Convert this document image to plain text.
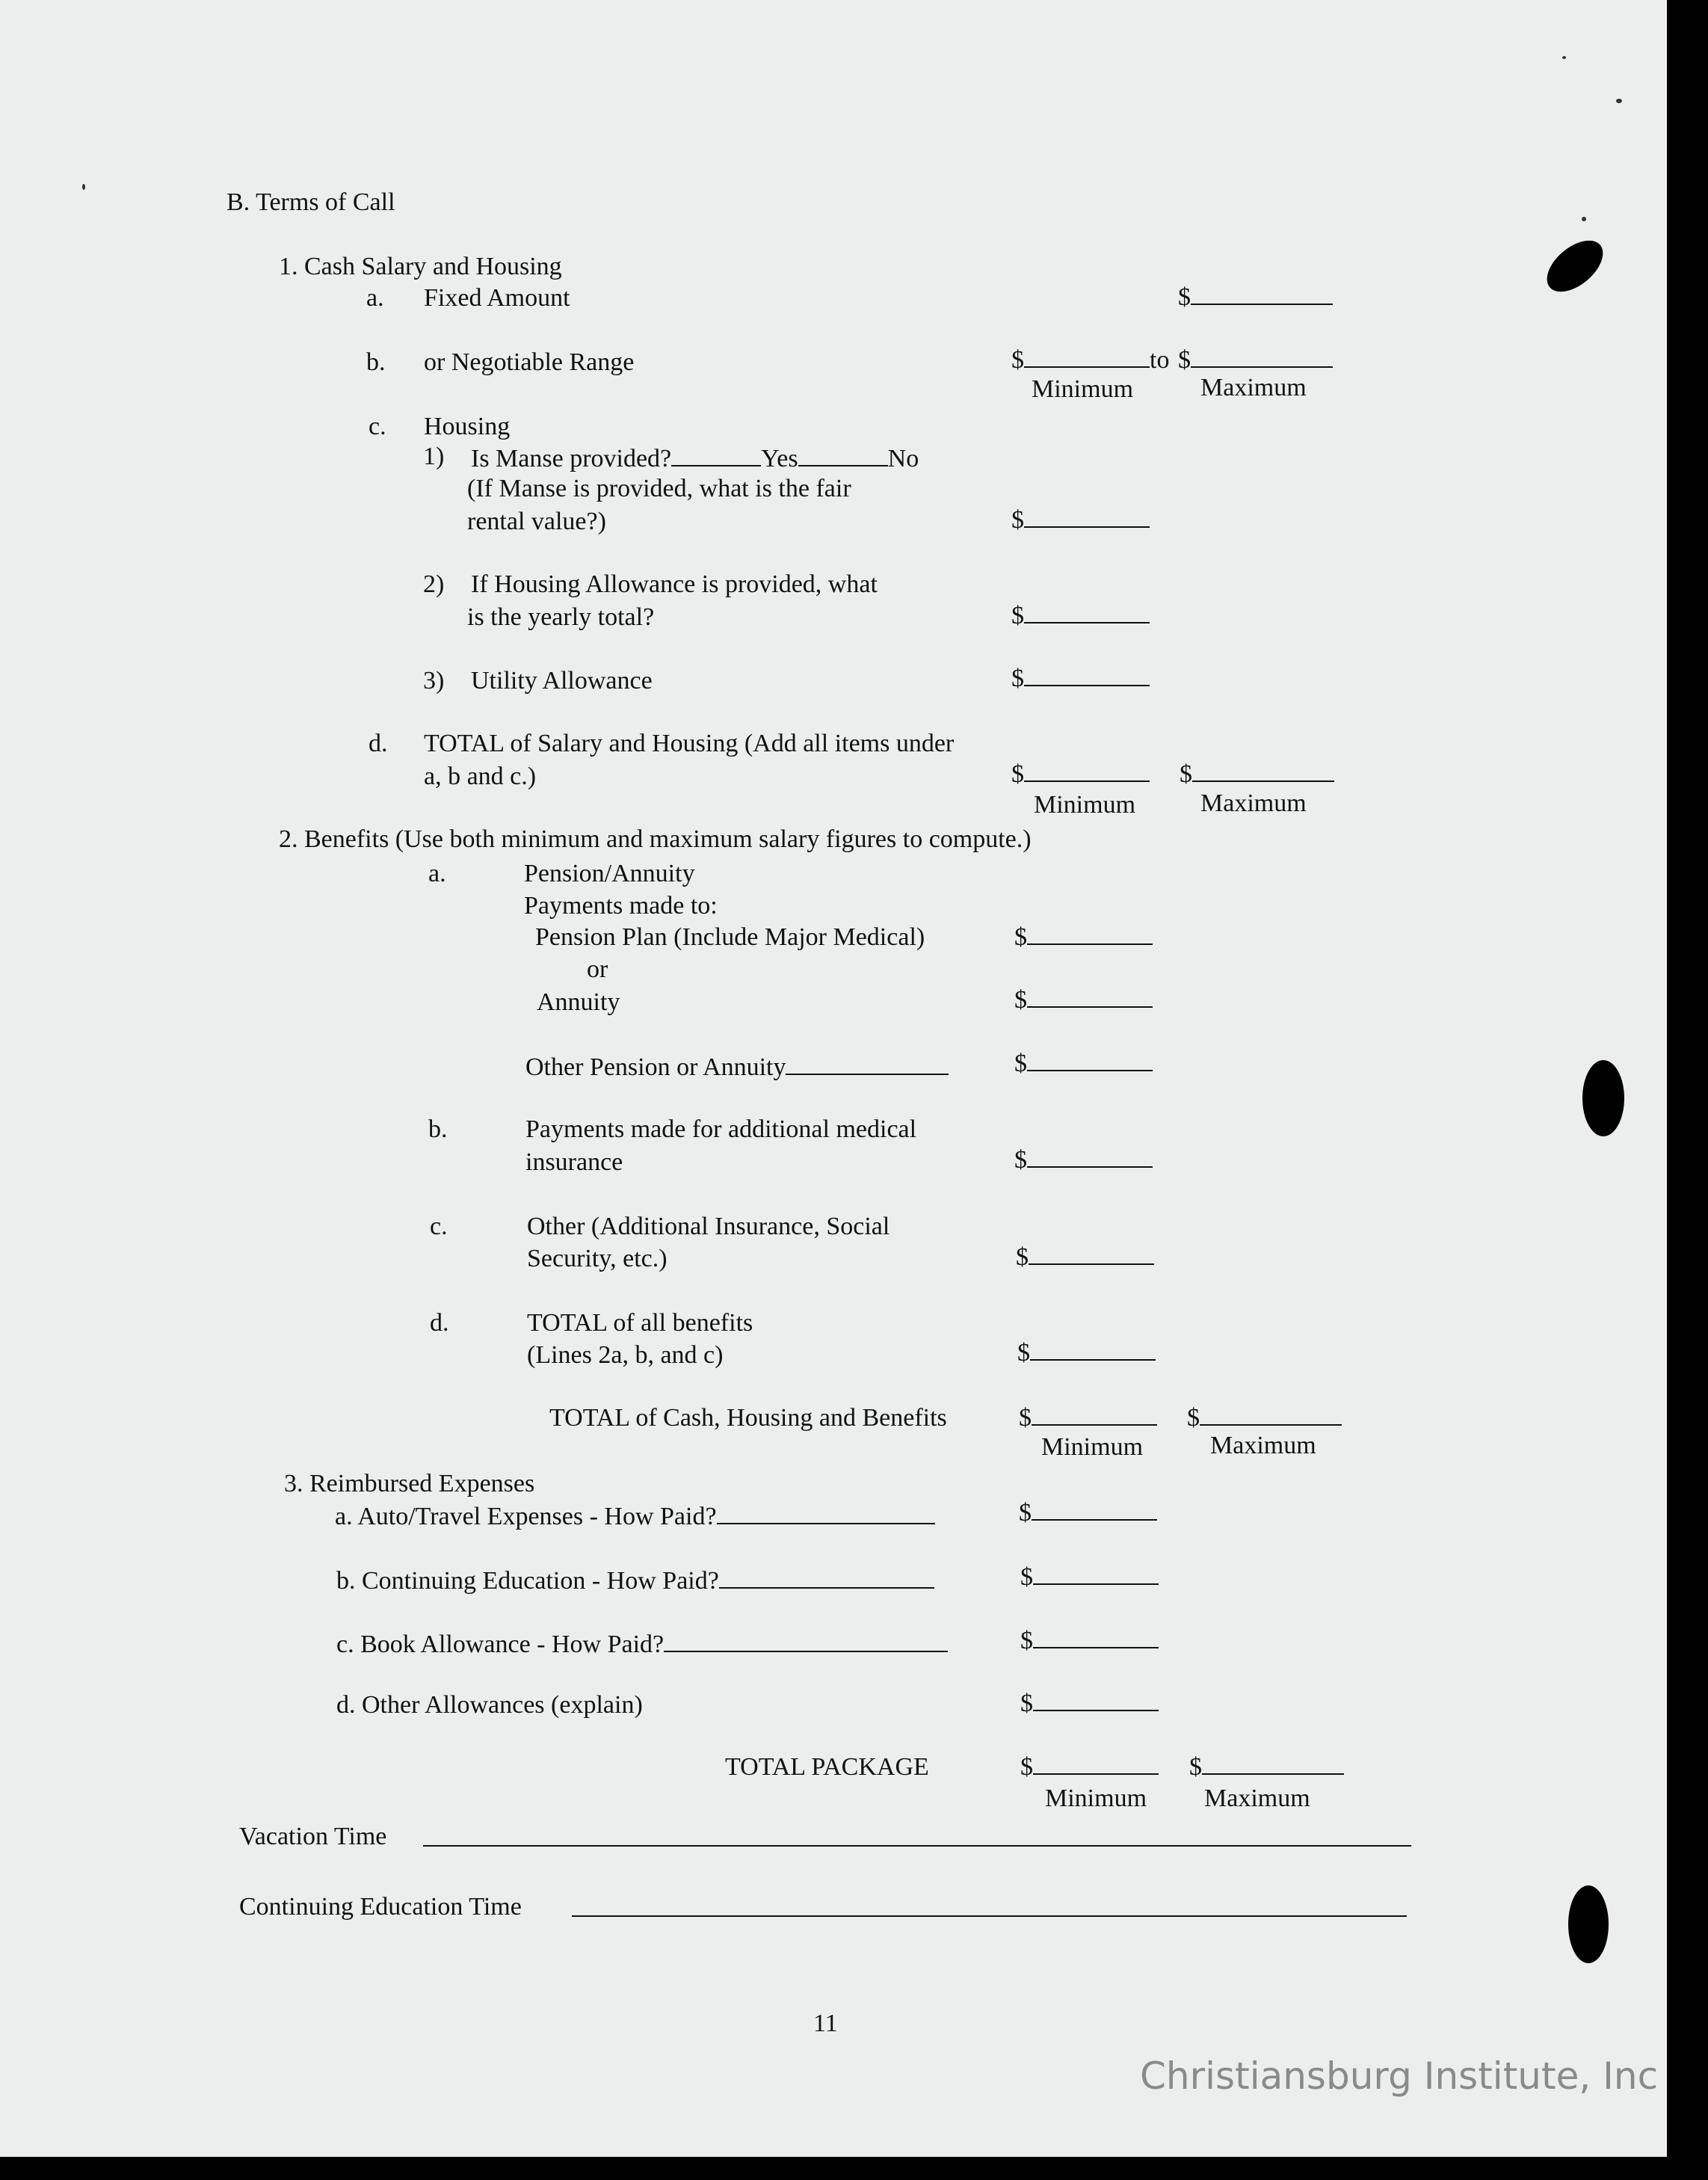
B. Terms of Call
1. Cash Salary and Housing
a. Fixed Amount	$
b. or Negotiable Range	$	to $
Minimum	Maximum
c. Housing
1) Is Manse provided?	Yes	No
(If Manse is provided, what is the fair
rental value?)	$
2) If Housing Allowance is provided, what
is the yearly total?	$
3) Utility Allowance	$
d. TOTAL of Salary and Housing (Add all items under
a, b and c.)	$	$
Minimum	Maximum
2. Benefits (Use both minimum and maximum salary figures to compute.)
a.	Pension/Annuity
Payments made to:
Pension Plan (Include Major Medical)	$
or
Annuity	$
Other Pension or Annuity	$
b.	Payments made for additional medical
insurance	$
c.	Other (Additional Insurance, Social
Security, etc.)	$
d.	TOTAL of all benefits
(Lines 2a, b, and c)	$
TOTAL of Cash, Housing and Benefits	$	$
Minimum	Maximum
3. Reimbursed Expenses
a. Auto/Travel Expenses - How Paid?	$
b. Continuing Education - How Paid?	$
c. Book Allowance - How Paid?	$
d. Other Allowances (explain)	$
TOTAL PACKAGE	$	$
Minimum Maximum
Vacation Time
Continuing Education Time
11
Christiansburg Institute, Inc
